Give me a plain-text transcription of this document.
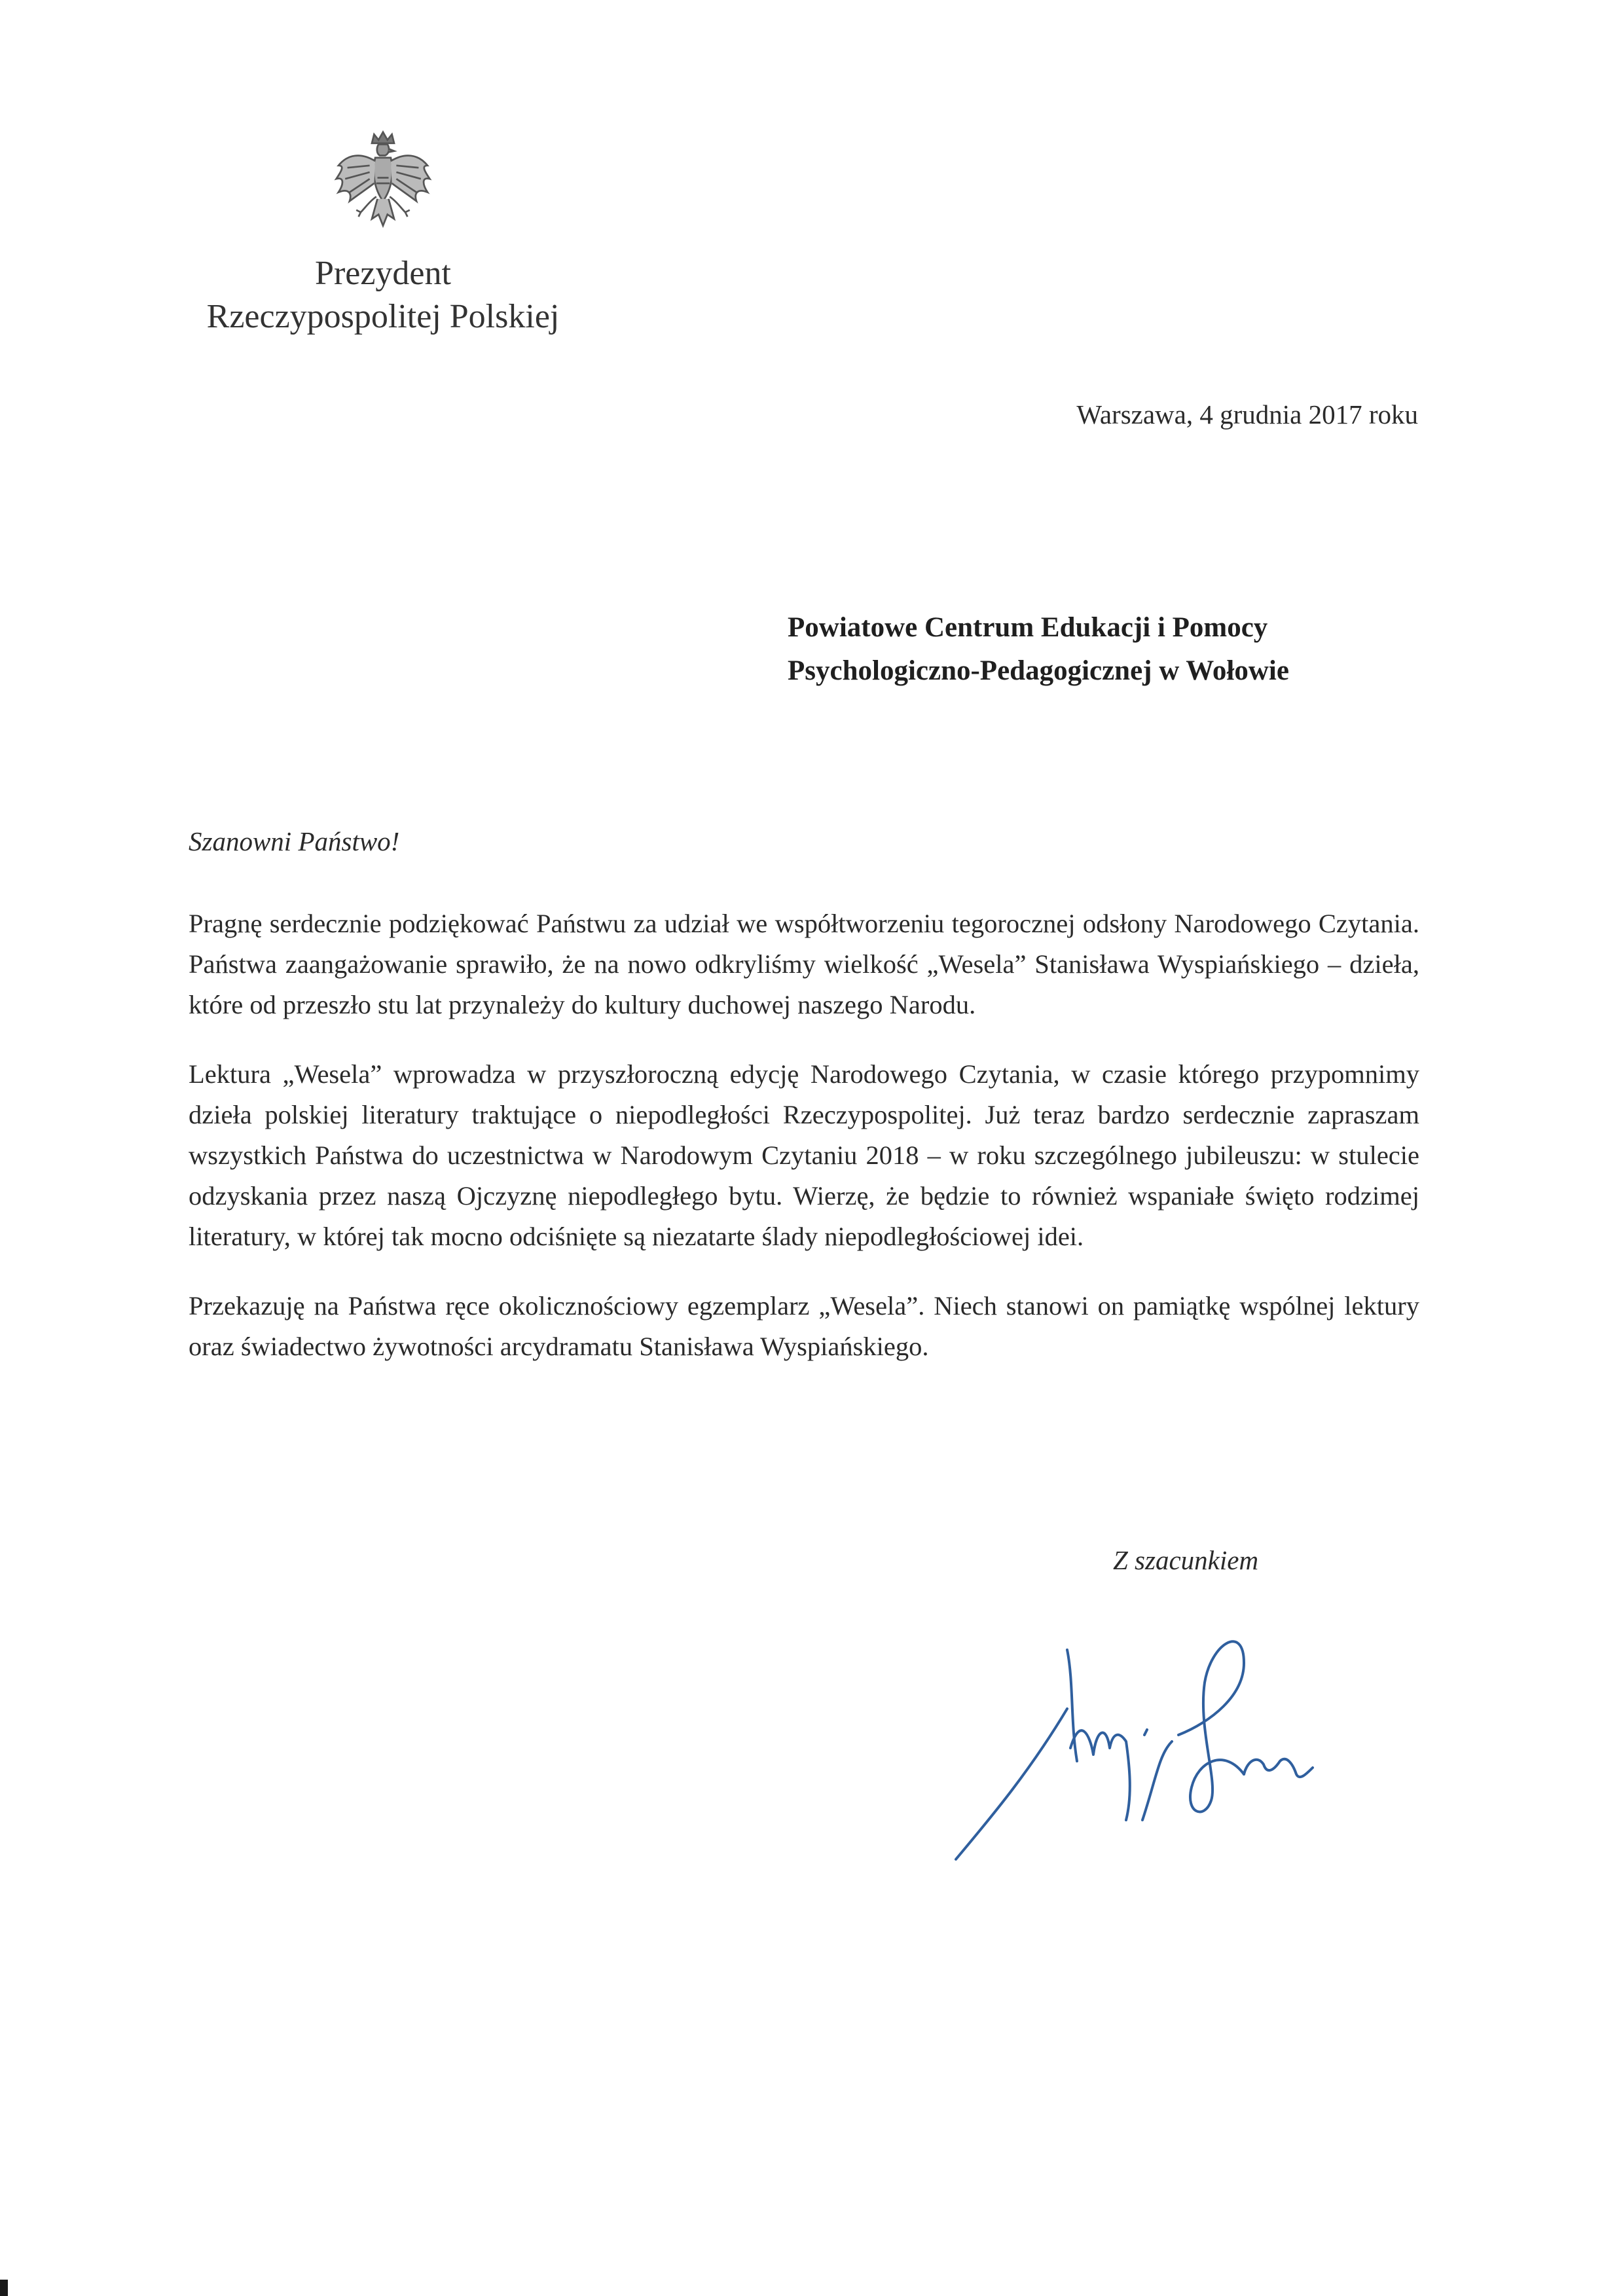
Prezydent
Rzeczypospolitej Polskiej
Warszawa, 4 grudnia 2017 roku
Powiatowe Centrum Edukacji i Pomocy
Psychologiczno-Pedagogicznej w Wołowie
Szanowni Państwo!

Pragnę serdecznie podziękować Państwu za udział we współtworzeniu tegorocznej odsłony Narodowego Czytania. Państwa zaangażowanie sprawiło, że na nowo odkryliśmy wielkość „Wesela” Stanisława Wyspiańskiego – dzieła, które od przeszło stu lat przynależy do kultury duchowej naszego Narodu.

Lektura „Wesela” wprowadza w przyszłoroczną edycję Narodowego Czytania, w czasie którego przypomnimy dzieła polskiej literatury traktujące o niepodległości Rzeczypospolitej. Już teraz bardzo serdecznie zapraszam wszystkich Państwa do uczestnictwa w Narodowym Czytaniu 2018 – w roku szczególnego jubileuszu: w stulecie odzyskania przez naszą Ojczyznę niepodległego bytu. Wierzę, że będzie to również wspaniałe święto rodzimej literatury, w której tak mocno odciśnięte są niezatarte ślady niepodległościowej idei.

Przekazuję na Państwa ręce okolicznościowy egzemplarz „Wesela”. Niech stanowi on pamiątkę wspólnej lektury oraz świadectwo żywotności arcydramatu Stanisława Wyspiańskiego.

Z szacunkiem
